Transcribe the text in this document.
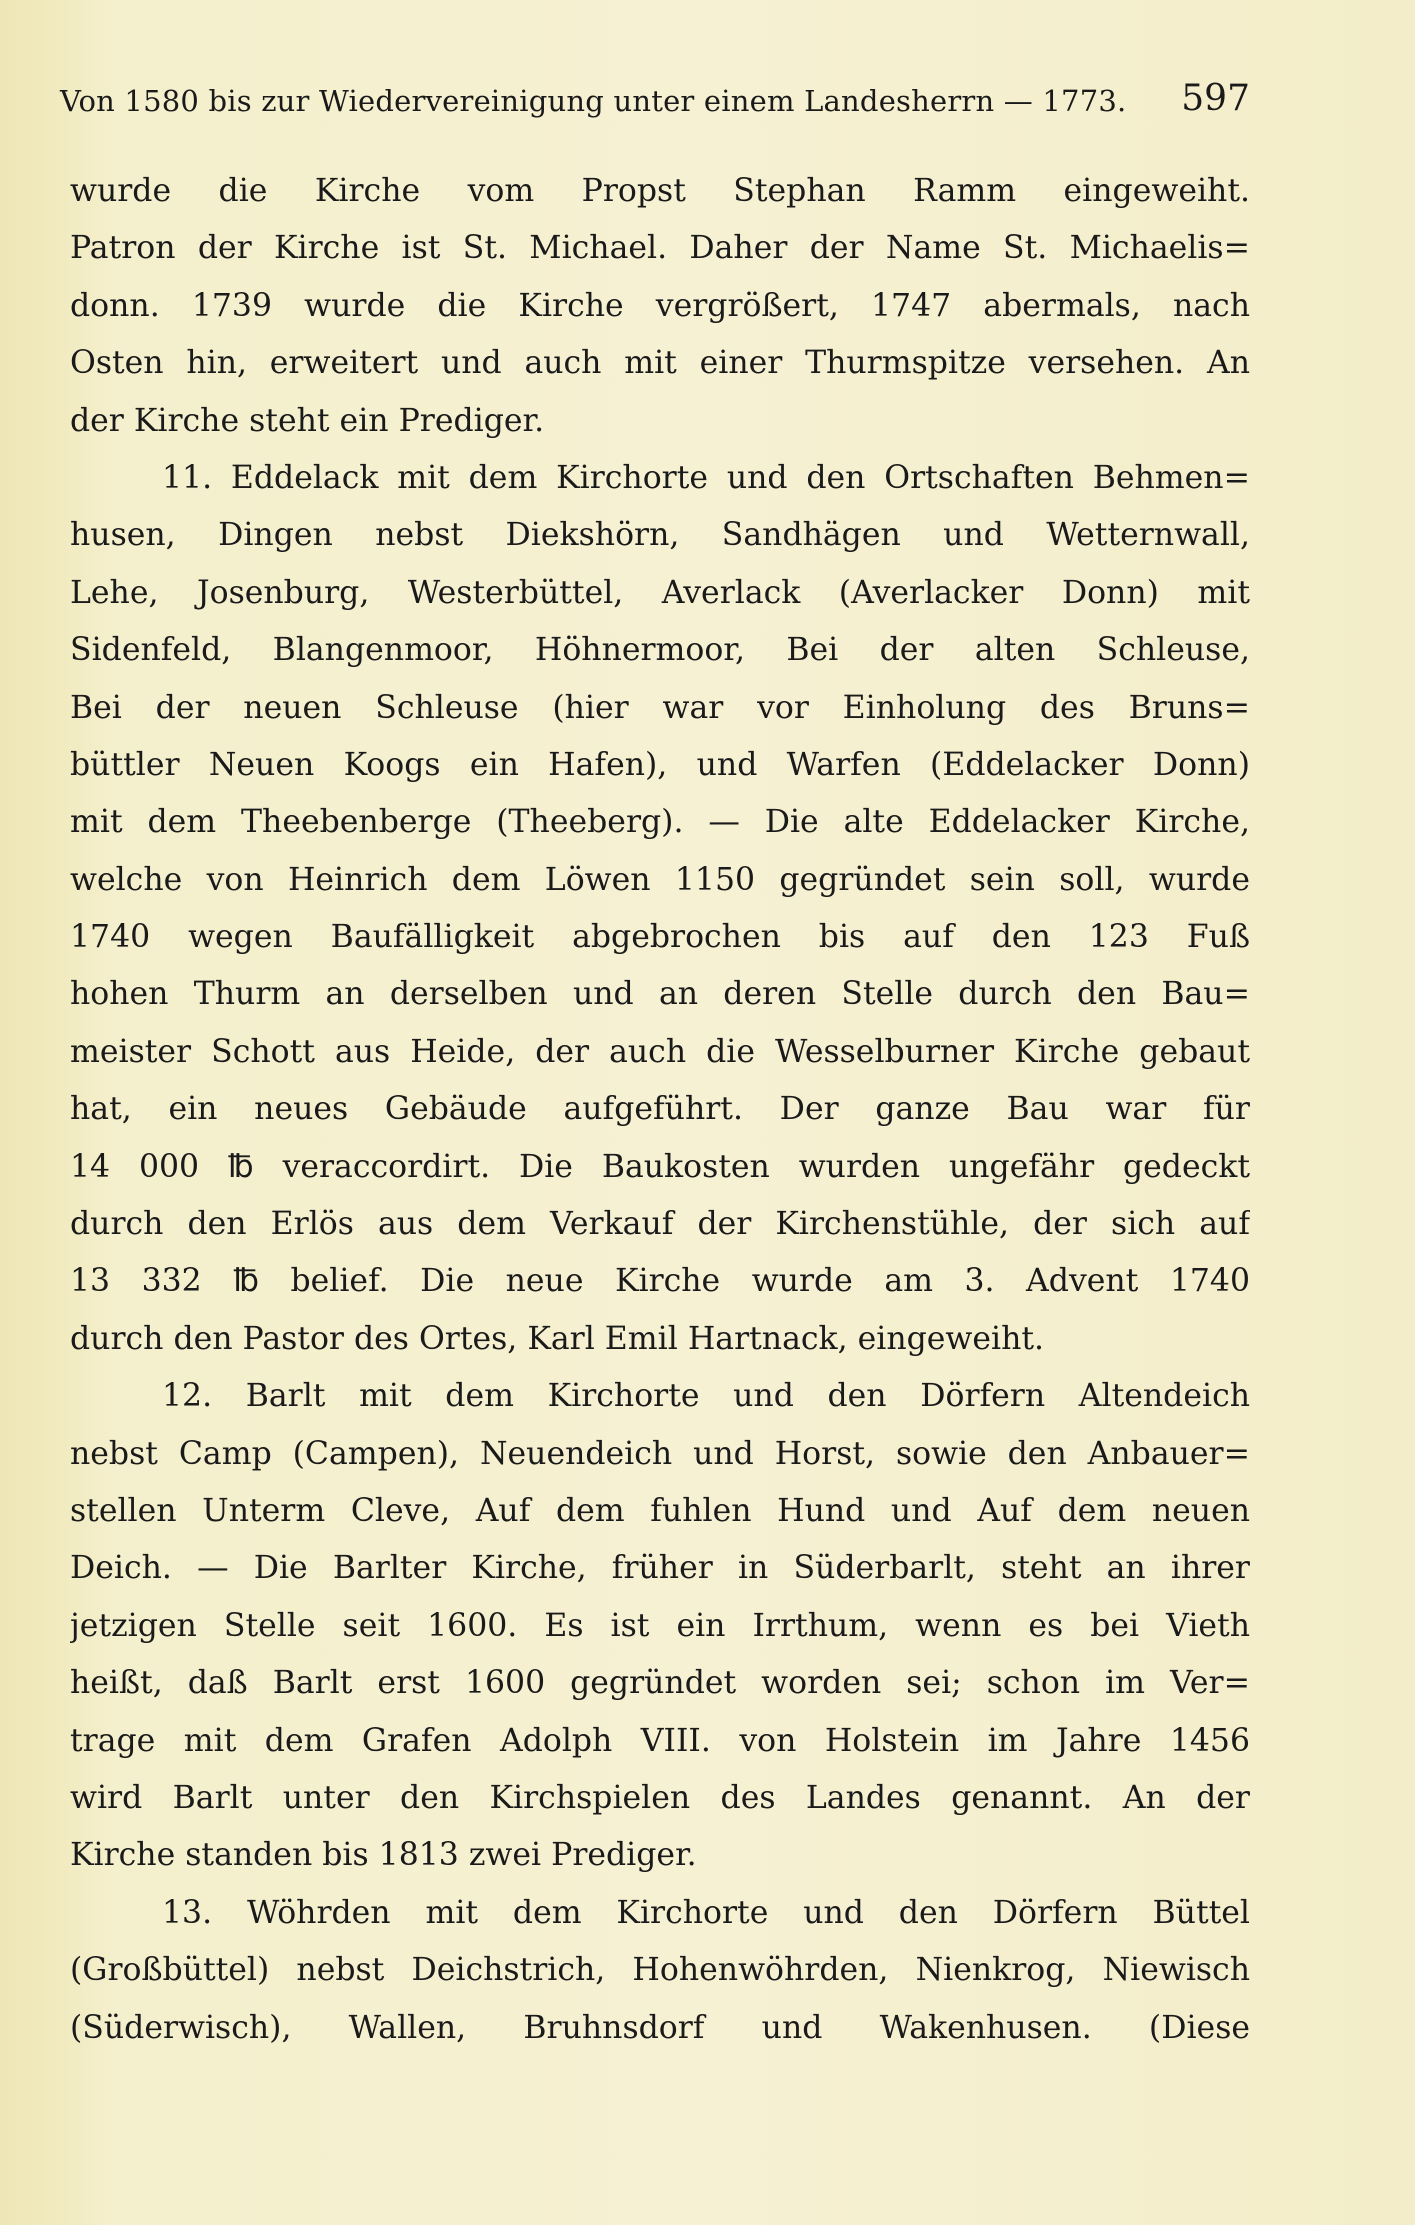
Von 1580 bis zur Wiedervereinigung unter einem Landesherrn — 1773. 597
wurde die Kirche vom Propst Stephan Ramm eingeweiht.
Patron der Kirche ist St. Michael. Daher der Name St. Michaelis=
donn. 1739 wurde die Kirche vergrößert, 1747 abermals, nach
Osten hin, erweitert und auch mit einer Thurmspitze versehen. An
der Kirche steht ein Prediger.
11. Eddelack mit dem Kirchorte und den Ortschaften Behmen=
husen, Dingen nebst Diekshörn, Sandhägen und Wetternwall,
Lehe, Josenburg, Westerbüttel, Averlack (Averlacker Donn) mit
Sidenfeld, Blangenmoor, Höhnermoor, Bei der alten Schleuse,
Bei der neuen Schleuse (hier war vor Einholung des Bruns=
büttler Neuen Koogs ein Hafen), und Warfen (Eddelacker Donn)
mit dem Theebenberge (Theeberg). — Die alte Eddelacker Kirche,
welche von Heinrich dem Löwen 1150 gegründet sein soll, wurde
1740 wegen Baufälligkeit abgebrochen bis auf den 123 Fuß
hohen Thurm an derselben und an deren Stelle durch den Bau=
meister Schott aus Heide, der auch die Wesselburner Kirche gebaut
hat, ein neues Gebäude aufgeführt. Der ganze Bau war für
14 000 ℔ veraccordirt. Die Baukosten wurden ungefähr gedeckt
durch den Erlös aus dem Verkauf der Kirchenstühle, der sich auf
13 332 ℔ belief. Die neue Kirche wurde am 3. Advent 1740
durch den Pastor des Ortes, Karl Emil Hartnack, eingeweiht.
12. Barlt mit dem Kirchorte und den Dörfern Altendeich
nebst Camp (Campen), Neuendeich und Horst, sowie den Anbauer=
stellen Unterm Cleve, Auf dem fuhlen Hund und Auf dem neuen
Deich. — Die Barlter Kirche, früher in Süderbarlt, steht an ihrer
jetzigen Stelle seit 1600. Es ist ein Irrthum, wenn es bei Vieth
heißt, daß Barlt erst 1600 gegründet worden sei; schon im Ver=
trage mit dem Grafen Adolph VIII. von Holstein im Jahre 1456
wird Barlt unter den Kirchspielen des Landes genannt. An der
Kirche standen bis 1813 zwei Prediger.
13. Wöhrden mit dem Kirchorte und den Dörfern Büttel
(Großbüttel) nebst Deichstrich, Hohenwöhrden, Nienkrog, Niewisch
(Süderwisch), Wallen, Bruhnsdorf und Wakenhusen. (Diese
